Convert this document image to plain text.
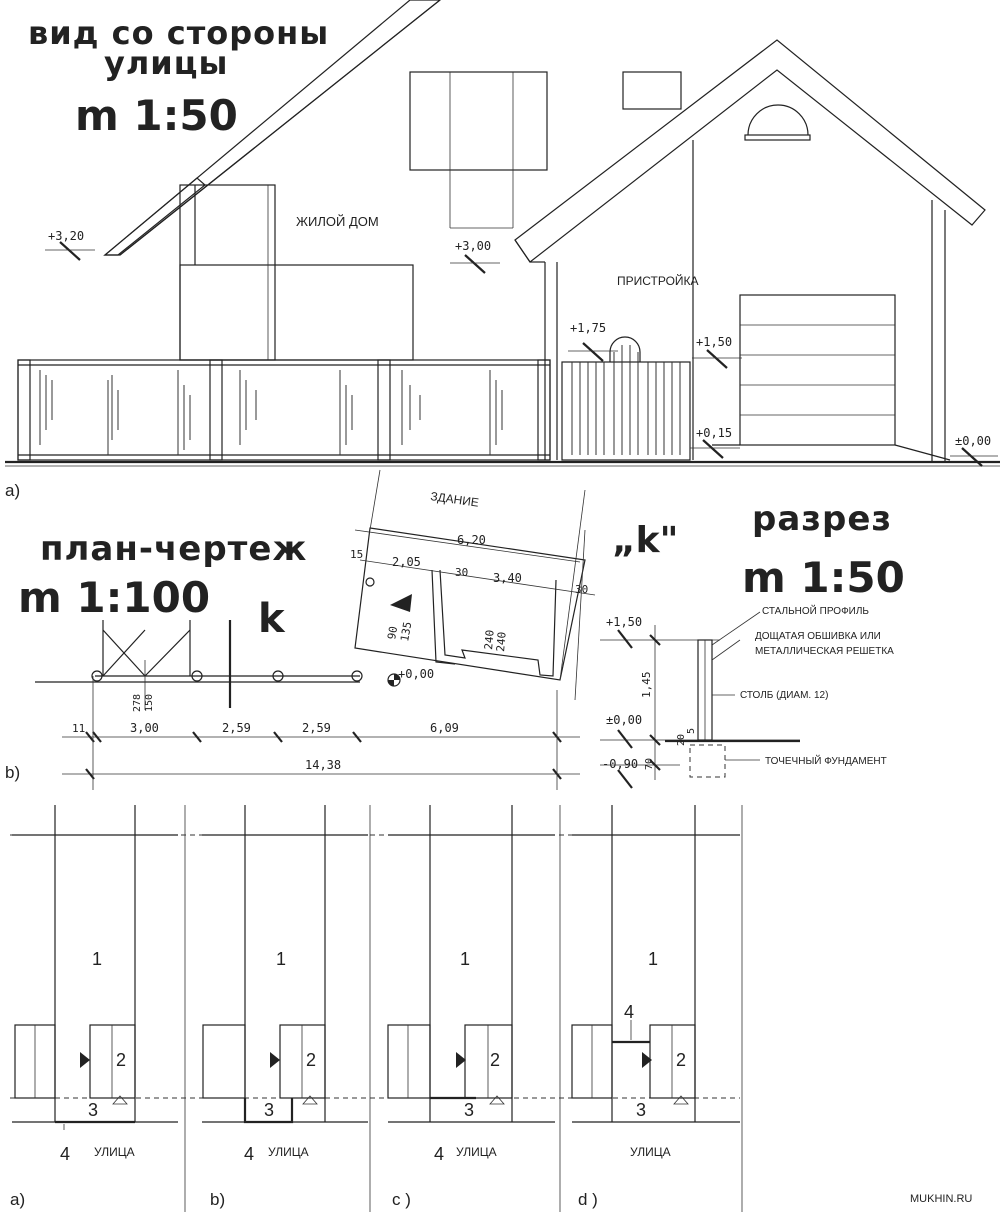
вид со стороны
улицы
m 1:50
ЖИЛОЙ ДОМ
ПРИСТРОЙКА
+3,20
+3,00
+1,75
+1,50
+0,15
±0,00
а)
план-чертеж
m 1:100 k
ЗДАНИЕ
6,20
15
2,05
30 3,40
30
90
135	240
240
278 150
+0,00
11	3,00	2,59	2,59	6,09
14,38
b)
„k"
разрез
m 1:50
+1,50
±0,00
-0,90
1,45
20
70
5
СТАЛЬНОЙ ПРОФИЛЬ
ДОЩАТАЯ ОБШИВКА ИЛИ
МЕТАЛЛИЧЕСКАЯ РЕШЕТКА
СТОЛБ (ДИАМ. 12)
ТОЧЕЧНЫЙ ФУНДАМЕНТ
1
2
3
4 УЛИЦА
а)
1
2
3
4 УЛИЦА
b)
1
2
3
4 УЛИЦА
c )
1
2
3
4
УЛИЦА
d )	MUKHIN.RU
